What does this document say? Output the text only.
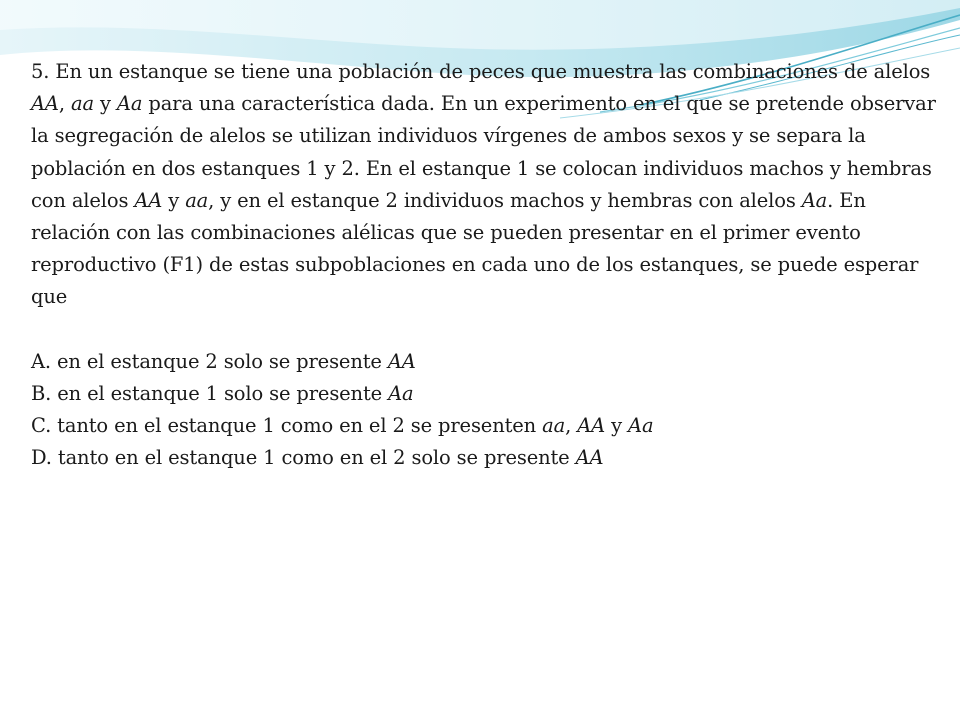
5. En un estanque se tiene una población de peces que muestra las combinaciones de alelos AA, aa y Aa para una característica dada. En un experimento en el que se pretende observar la segregación de alelos se utilizan individuos vírgenes de ambos sexos y se separa la población en dos estanques 1 y 2. En el estanque 1 se colocan individuos machos y hembras con alelos AA y aa, y en el estanque 2 individuos machos y hembras con alelos Aa. En relación con las combinaciones alélicas que se pueden presentar en el primer evento reproductivo (F1) de estas subpoblaciones en cada uno de los estanques, se puede esperar que

A. en el estanque 2 solo se presente AA

B. en el estanque 1 solo se presente Aa

C. tanto en el estanque 1 como en el 2 se presenten aa, AA y Aa

D. tanto en el estanque 1 como en el 2 solo se presente AA
